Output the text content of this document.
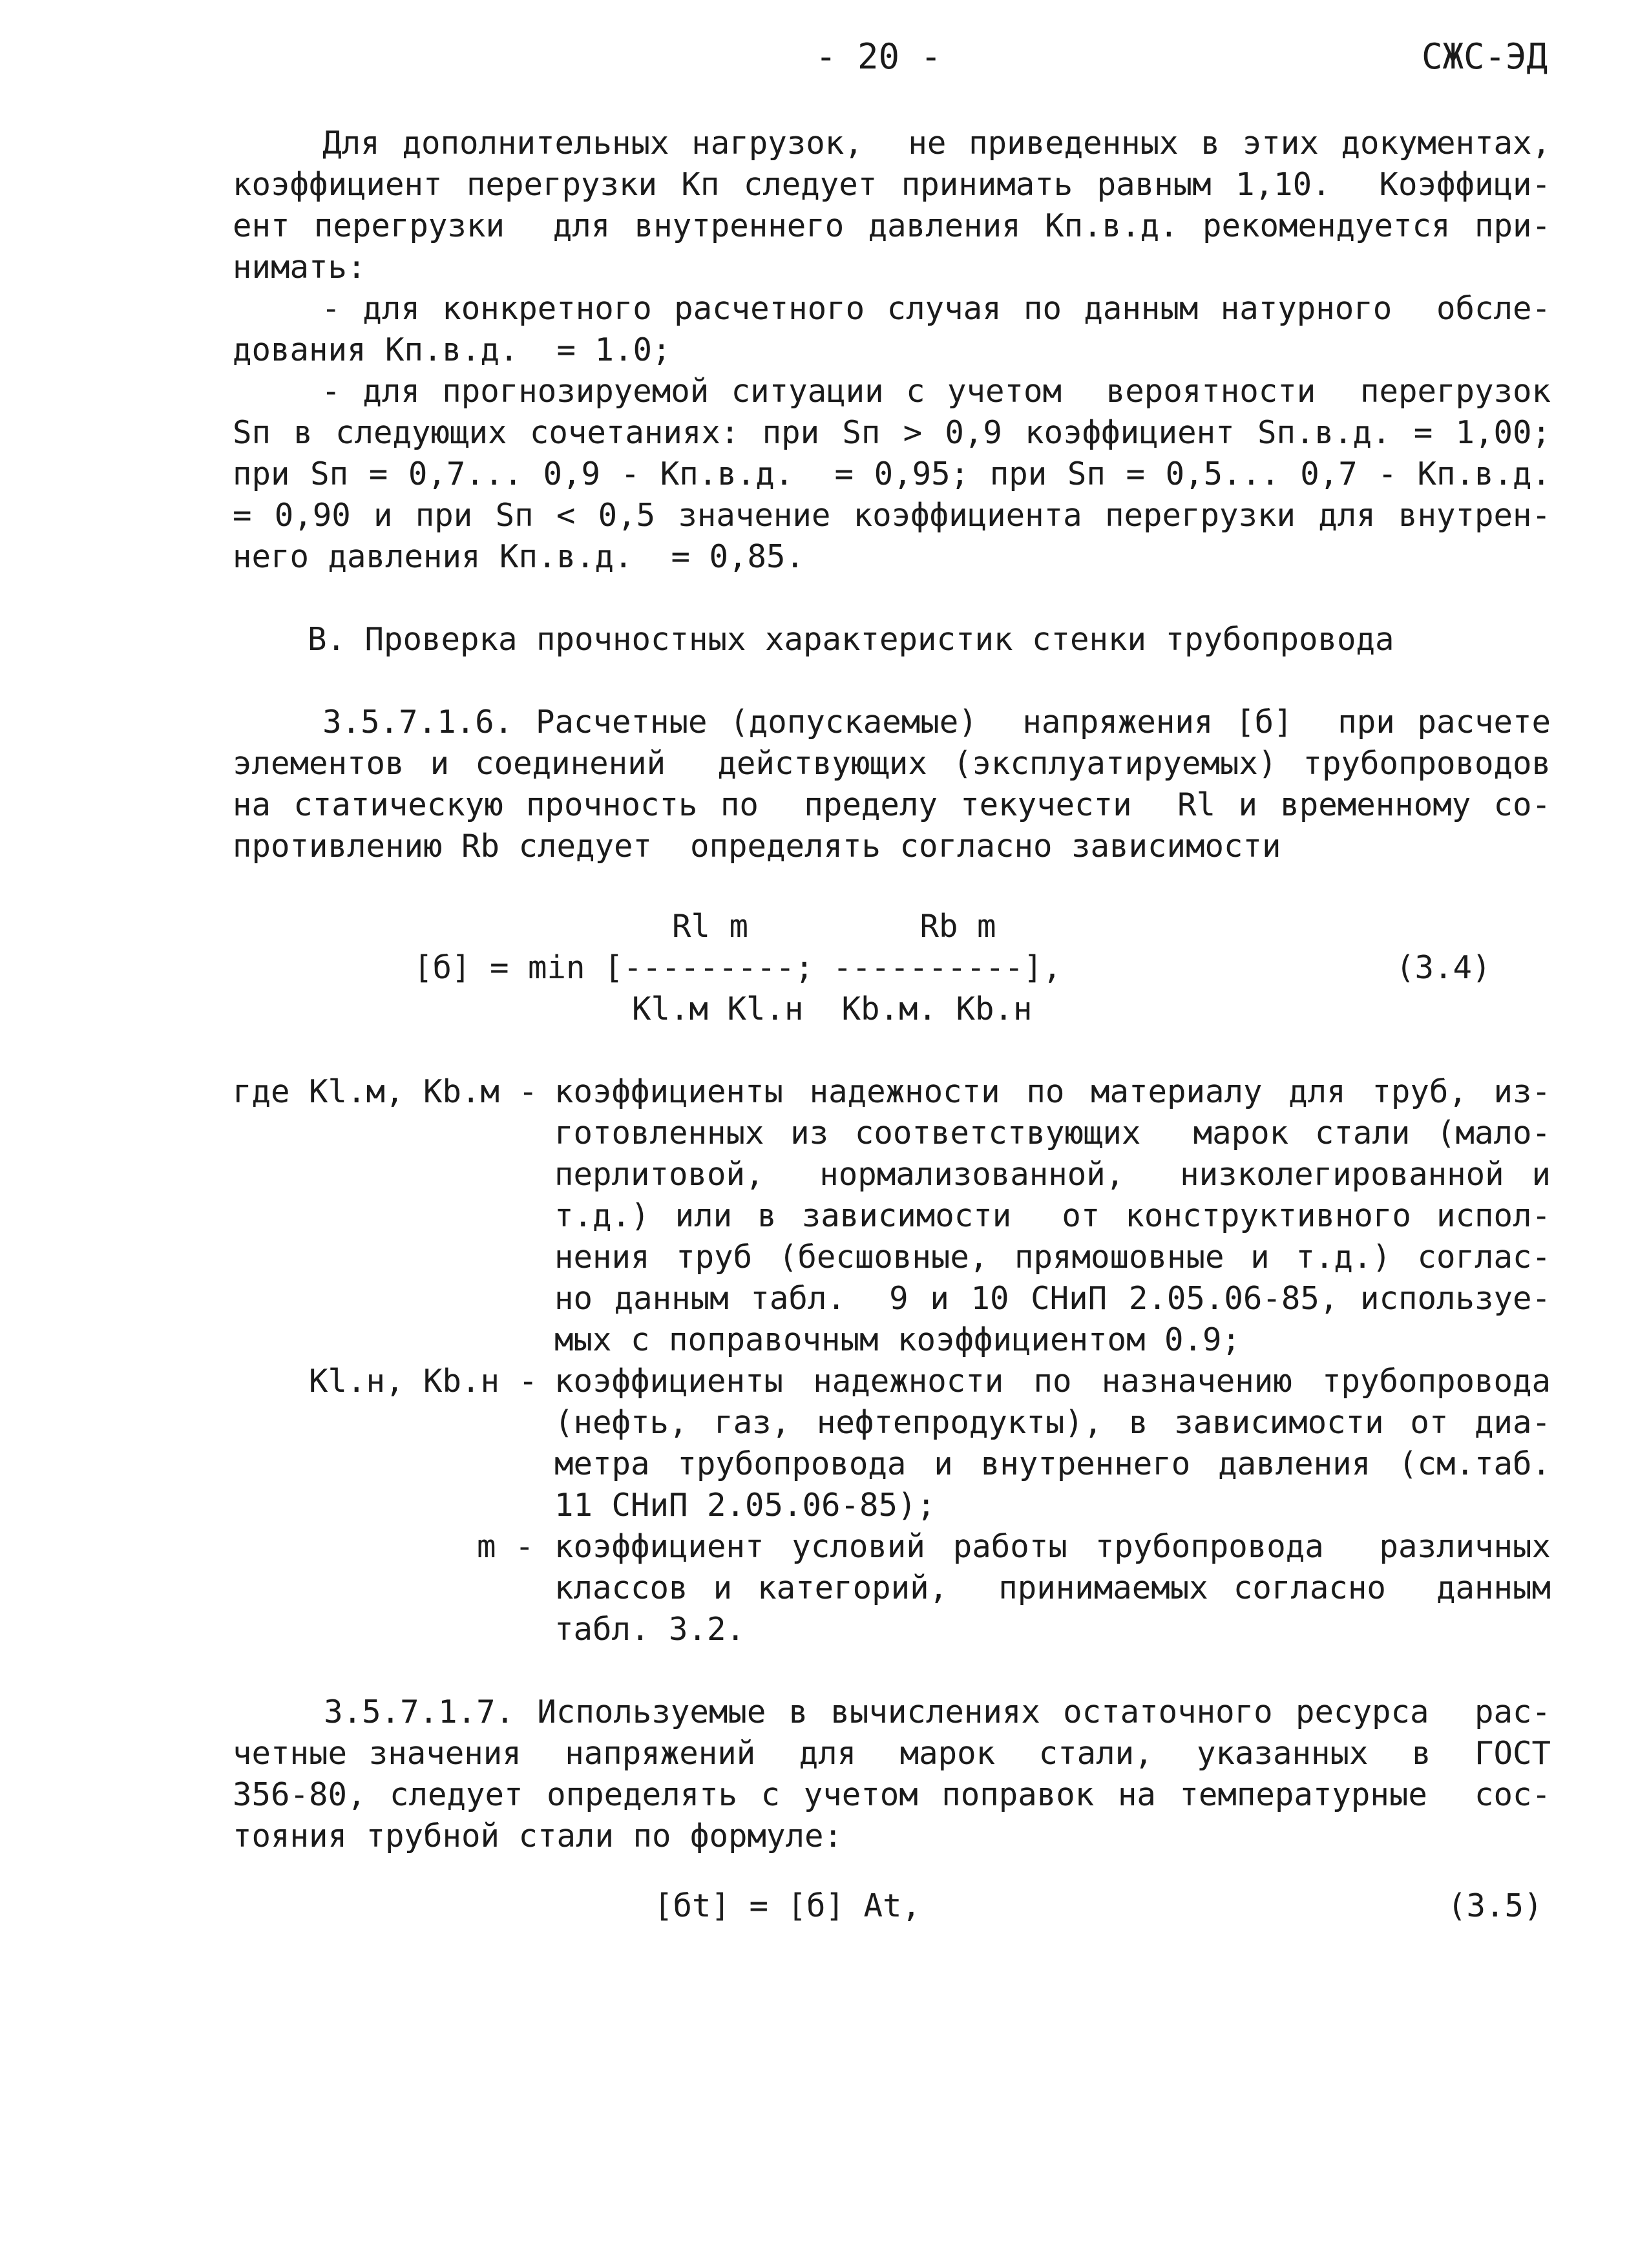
- 20 -	СЖС-ЭД
Для дополнительных нагрузок,  не приведенных в этих документах,
коэффициент перегрузки Кп следует принимать равным 1,10.  Коэффици-
ент перегрузки  для внутреннего давления Кп.в.д. рекомендуется при-
нимать:
- для конкретного расчетного случая по данным натурного  обсле-
дования Кп.в.д.  = 1.0;
- для прогнозируемой ситуации с учетом  вероятности  перегрузок
Sп в следующих сочетаниях: при Sп > 0,9 коэффициент Sп.в.д. = 1,00;
при Sп = 0,7... 0,9 - Кп.в.д.  = 0,95; при Sп = 0,5... 0,7 - Кп.в.д.
= 0,90 и при Sп < 0,5 значение коэффициента перегрузки для внутрен-
него давления Кп.в.д.  = 0,85.
В. Проверка прочностных характеристик стенки трубопровода
3.5.7.1.6. Расчетные (допускаемые)  напряжения [б]  при расчете
элементов и соединений  действующих (эксплуатируемых) трубопроводов
на статическую прочность по  пределу текучести  Rl и временному со-
противлению Rb следует  определять согласно зависимости
Rl m         Rb m
[б] = min [---------; ----------],
Kl.м Kl.н  Kb.м. Kb.н
(3.4)
где Kl.м, Kb.м - коэффициенты надежности по материалу для труб, из-
готовленных из соответствующих  марок стали (мало-
перлитовой,  нормализованной,  низколегированной и
т.д.) или в зависимости  от конструктивного испол-
нения труб (бесшовные, прямошовные и т.д.) соглас-
но данным табл.  9 и 10 СНиП 2.05.06-85, используе-
мых с поправочным коэффициентом 0.9;
Kl.н, Kb.н - коэффициенты надежности по назначению трубопровода
(нефть, газ, нефтепродукты), в зависимости от диа-
метра трубопровода и внутреннего давления (см.таб.
11 СНиП 2.05.06-85);
m - коэффициент условий работы трубопровода  различных
классов и категорий,  принимаемых согласно  данным
табл. 3.2.
3.5.7.1.7. Используемые в вычислениях остаточного ресурса  рас-
четные значения  напряжений  для  марок  стали,  указанных  в  ГОСТ
356-80, следует определять с учетом поправок на температурные  сос-
тояния трубной стали по формуле:
[бt] = [б] At,	(3.5)
